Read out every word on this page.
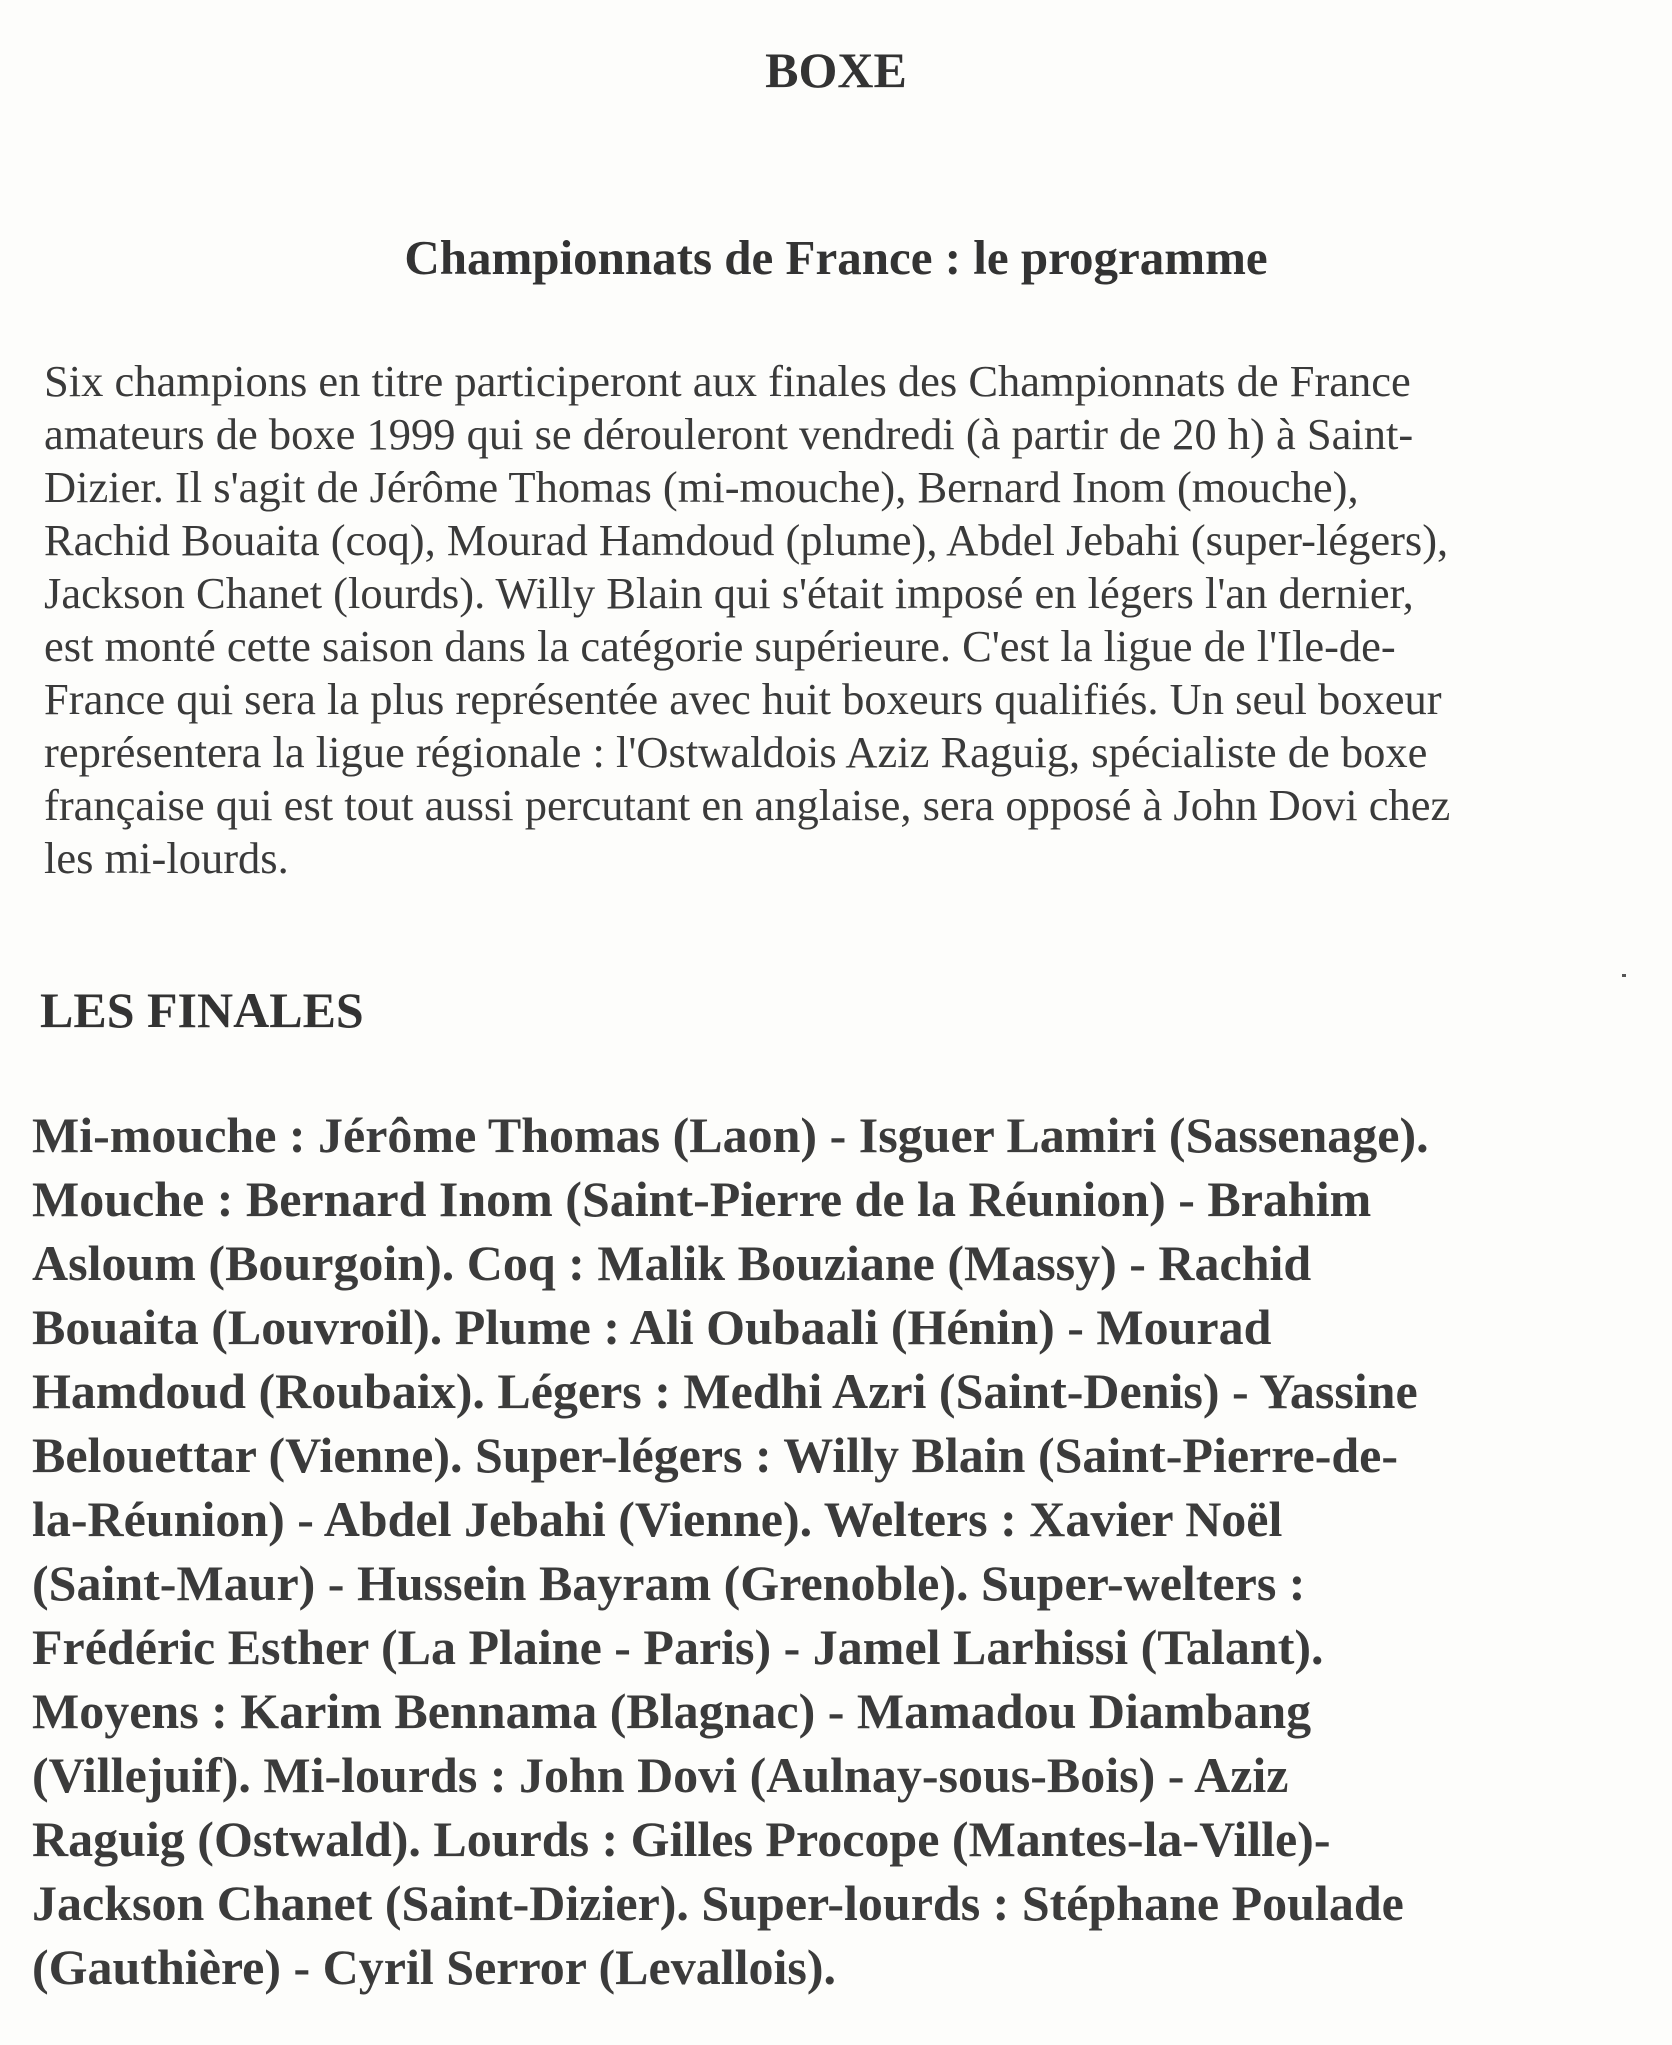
BOXE
Championnats de France : le programme
Six champions en titre participeront aux finales des Championnats de France
amateurs de boxe 1999 qui se dérouleront vendredi (à partir de 20 h) à Saint-
Dizier. Il s'agit de Jérôme Thomas (mi-mouche), Bernard Inom (mouche),
Rachid Bouaita (coq), Mourad Hamdoud (plume), Abdel Jebahi (super-légers),
Jackson Chanet (lourds). Willy Blain qui s'était imposé en légers l'an dernier,
est monté cette saison dans la catégorie supérieure. C'est la ligue de l'Ile-de-
France qui sera la plus représentée avec huit boxeurs qualifiés. Un seul boxeur
représentera la ligue régionale : l'Ostwaldois Aziz Raguig, spécialiste de boxe
française qui est tout aussi percutant en anglaise, sera opposé à John Dovi chez
les mi-lourds.
LES FINALES
Mi-mouche : Jérôme Thomas (Laon) - Isguer Lamiri (Sassenage).
Mouche : Bernard Inom (Saint-Pierre de la Réunion) - Brahim
Asloum (Bourgoin). Coq : Malik Bouziane (Massy) - Rachid
Bouaita (Louvroil). Plume : Ali Oubaali (Hénin) - Mourad
Hamdoud (Roubaix). Légers : Medhi Azri (Saint-Denis) - Yassine
Belouettar (Vienne). Super-légers : Willy Blain (Saint-Pierre-de-
la-Réunion) - Abdel Jebahi (Vienne). Welters : Xavier Noël
(Saint-Maur) - Hussein Bayram (Grenoble). Super-welters :
Frédéric Esther (La Plaine - Paris) - Jamel Larhissi (Talant).
Moyens : Karim Bennama (Blagnac) - Mamadou Diambang
(Villejuif). Mi-lourds : John Dovi (Aulnay-sous-Bois) - Aziz
Raguig (Ostwald). Lourds : Gilles Procope (Mantes-la-Ville)-
Jackson Chanet (Saint-Dizier). Super-lourds : Stéphane Poulade
(Gauthière) - Cyril Serror (Levallois).
